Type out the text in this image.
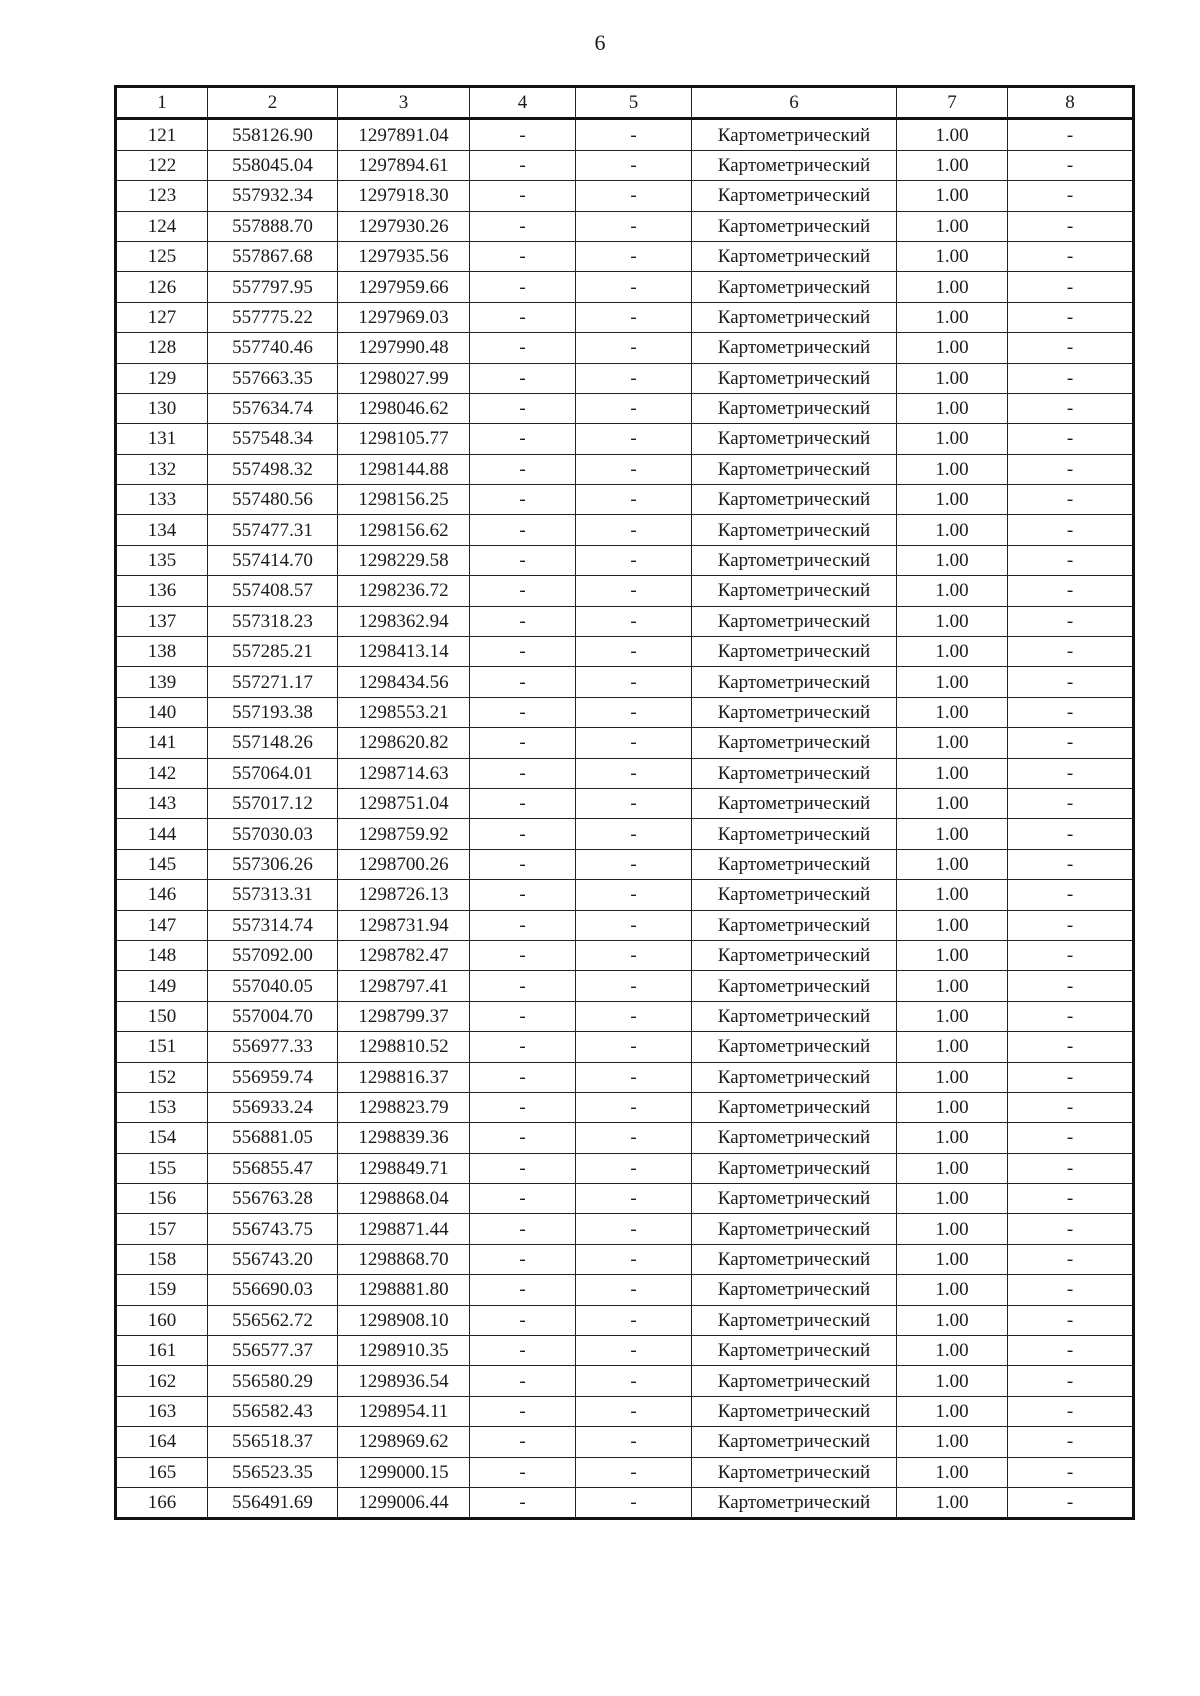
6
1	2	3	4	5	6	7	8
121	558126.90	1297891.04	-	-	Картометрический	1.00	-
122	558045.04	1297894.61	-	-	Картометрический	1.00	-
123	557932.34	1297918.30	-	-	Картометрический	1.00	-
124	557888.70	1297930.26	-	-	Картометрический	1.00	-
125	557867.68	1297935.56	-	-	Картометрический	1.00	-
126	557797.95	1297959.66	-	-	Картометрический	1.00	-
127	557775.22	1297969.03	-	-	Картометрический	1.00	-
128	557740.46	1297990.48	-	-	Картометрический	1.00	-
129	557663.35	1298027.99	-	-	Картометрический	1.00	-
130	557634.74	1298046.62	-	-	Картометрический	1.00	-
131	557548.34	1298105.77	-	-	Картометрический	1.00	-
132	557498.32	1298144.88	-	-	Картометрический	1.00	-
133	557480.56	1298156.25	-	-	Картометрический	1.00	-
134	557477.31	1298156.62	-	-	Картометрический	1.00	-
135	557414.70	1298229.58	-	-	Картометрический	1.00	-
136	557408.57	1298236.72	-	-	Картометрический	1.00	-
137	557318.23	1298362.94	-	-	Картометрический	1.00	-
138	557285.21	1298413.14	-	-	Картометрический	1.00	-
139	557271.17	1298434.56	-	-	Картометрический	1.00	-
140	557193.38	1298553.21	-	-	Картометрический	1.00	-
141	557148.26	1298620.82	-	-	Картометрический	1.00	-
142	557064.01	1298714.63	-	-	Картометрический	1.00	-
143	557017.12	1298751.04	-	-	Картометрический	1.00	-
144	557030.03	1298759.92	-	-	Картометрический	1.00	-
145	557306.26	1298700.26	-	-	Картометрический	1.00	-
146	557313.31	1298726.13	-	-	Картометрический	1.00	-
147	557314.74	1298731.94	-	-	Картометрический	1.00	-
148	557092.00	1298782.47	-	-	Картометрический	1.00	-
149	557040.05	1298797.41	-	-	Картометрический	1.00	-
150	557004.70	1298799.37	-	-	Картометрический	1.00	-
151	556977.33	1298810.52	-	-	Картометрический	1.00	-
152	556959.74	1298816.37	-	-	Картометрический	1.00	-
153	556933.24	1298823.79	-	-	Картометрический	1.00	-
154	556881.05	1298839.36	-	-	Картометрический	1.00	-
155	556855.47	1298849.71	-	-	Картометрический	1.00	-
156	556763.28	1298868.04	-	-	Картометрический	1.00	-
157	556743.75	1298871.44	-	-	Картометрический	1.00	-
158	556743.20	1298868.70	-	-	Картометрический	1.00	-
159	556690.03	1298881.80	-	-	Картометрический	1.00	-
160	556562.72	1298908.10	-	-	Картометрический	1.00	-
161	556577.37	1298910.35	-	-	Картометрический	1.00	-
162	556580.29	1298936.54	-	-	Картометрический	1.00	-
163	556582.43	1298954.11	-	-	Картометрический	1.00	-
164	556518.37	1298969.62	-	-	Картометрический	1.00	-
165	556523.35	1299000.15	-	-	Картометрический	1.00	-
166	556491.69	1299006.44	-	-	Картометрический	1.00	-
